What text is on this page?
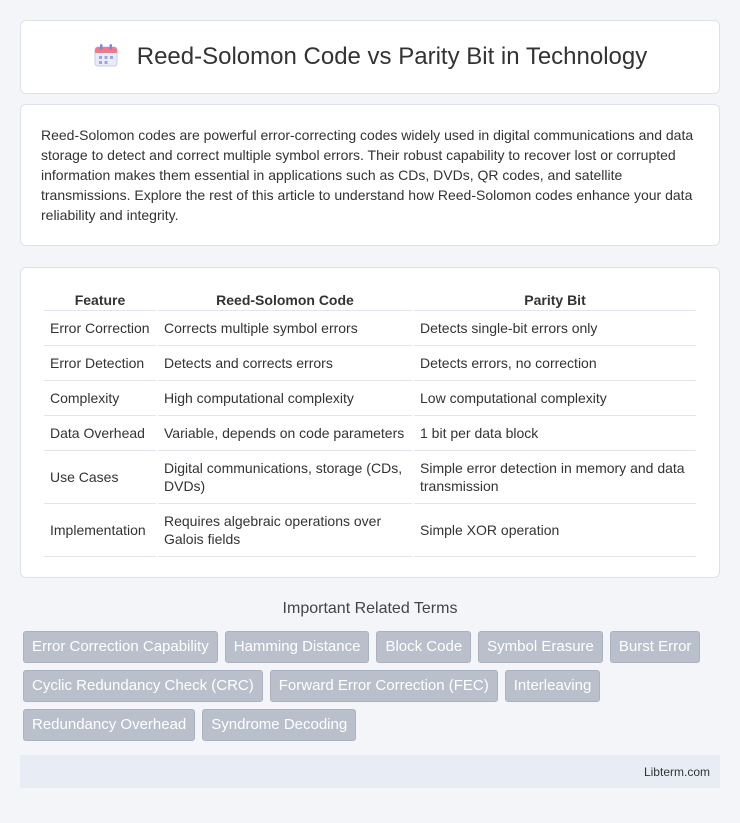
Reed-Solomon Code vs Parity Bit in Technology

Reed-Solomon codes are powerful error-correcting codes widely used in digital communications and data storage to detect and correct multiple symbol errors. Their robust capability to recover lost or corrupted information makes them essential in applications such as CDs, DVDs, QR codes, and satellite transmissions. Explore the rest of this article to understand how Reed-Solomon codes enhance your data reliability and integrity.

Feature	Reed-Solomon Code	Parity Bit
Error Correction	Corrects multiple symbol errors	Detects single-bit errors only
Error Detection	Detects and corrects errors	Detects errors, no correction
Complexity	High computational complexity	Low computational complexity
Data Overhead	Variable, depends on code parameters	1 bit per data block
Use Cases	Digital communications, storage (CDs, DVDs)	Simple error detection in memory and data transmission
Implementation	Requires algebraic operations over Galois fields	Simple XOR operation
Important Related Terms
Error Correction Capability	Hamming Distance	Block Code	Symbol Erasure	Burst Error
Cyclic Redundancy Check (CRC)	Forward Error Correction (FEC)	Interleaving
Redundancy Overhead	Syndrome Decoding
Libterm.com
